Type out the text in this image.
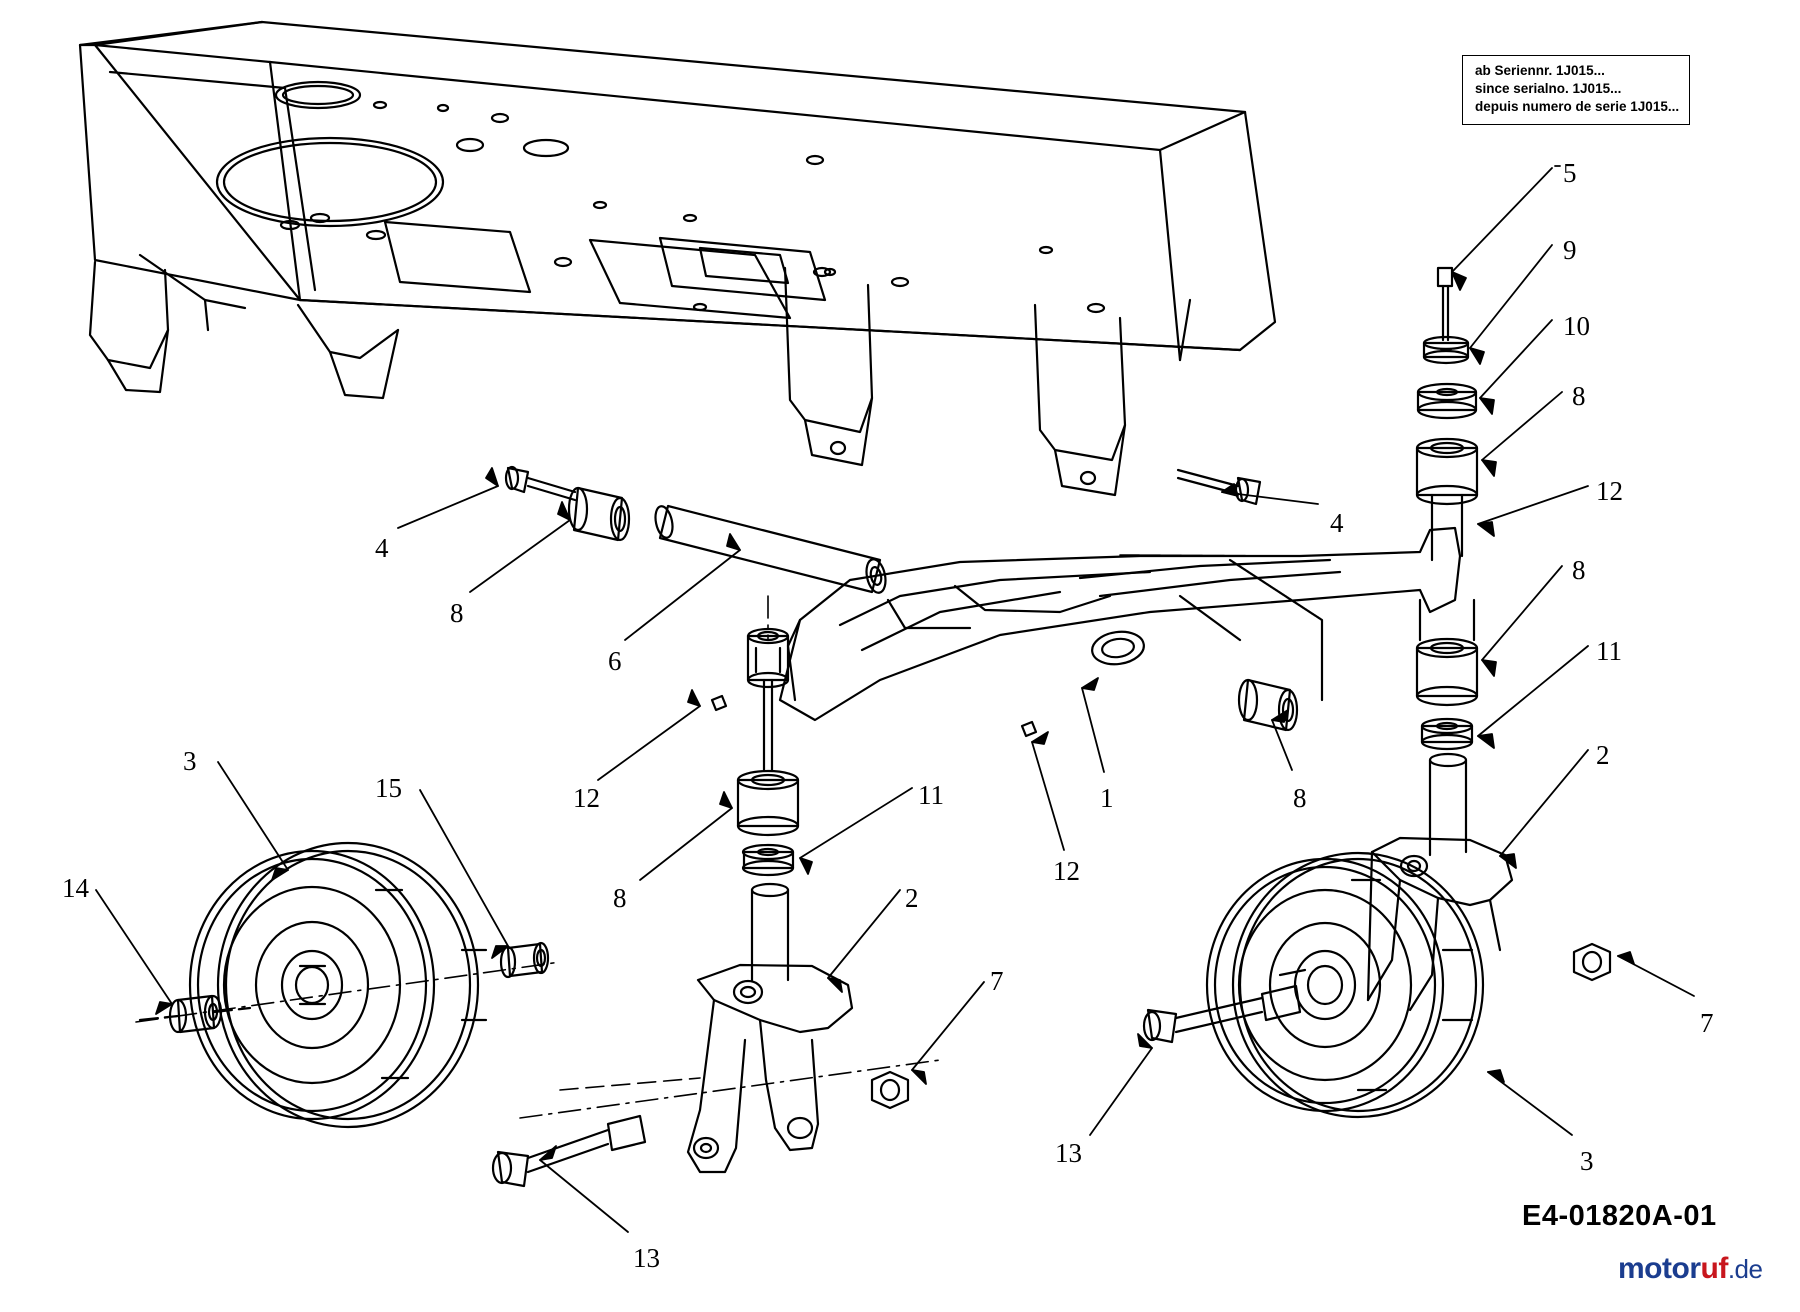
ab Seriennr. 1J015...
since serialno. 1J015...
depuis numero de serie 1J015...
5
9
10
8
12
8
11
2
4
8
6
4
12
8
11
2
12
1	8
3
15
14
7
7
13	3
13
E4-01820A-01
motoruf.de
